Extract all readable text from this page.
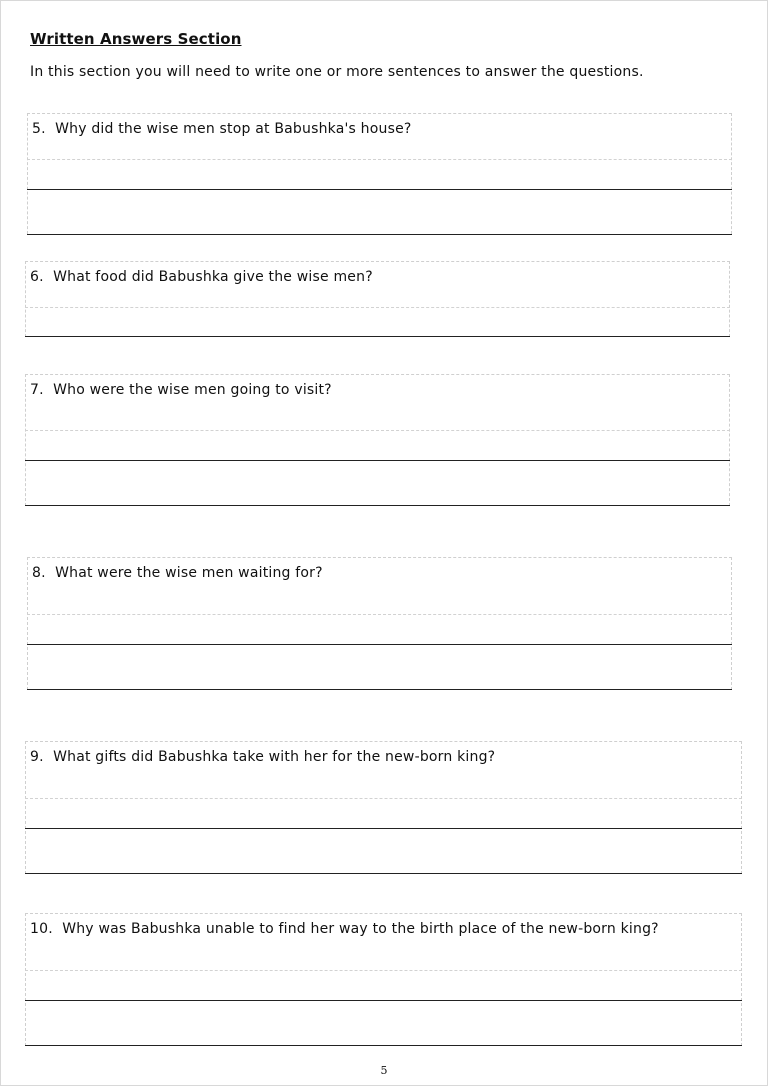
Written Answers Section
In this section you will need to write one or more sentences to answer the questions.
5. Why did the wise men stop at Babushka's house?
6. What food did Babushka give the wise men?
7. Who were the wise men going to visit?
8. What were the wise men waiting for?
9. What gifts did Babushka take with her for the new-born king?
10. Why was Babushka unable to find her way to the birth place of the new-born king?
5
